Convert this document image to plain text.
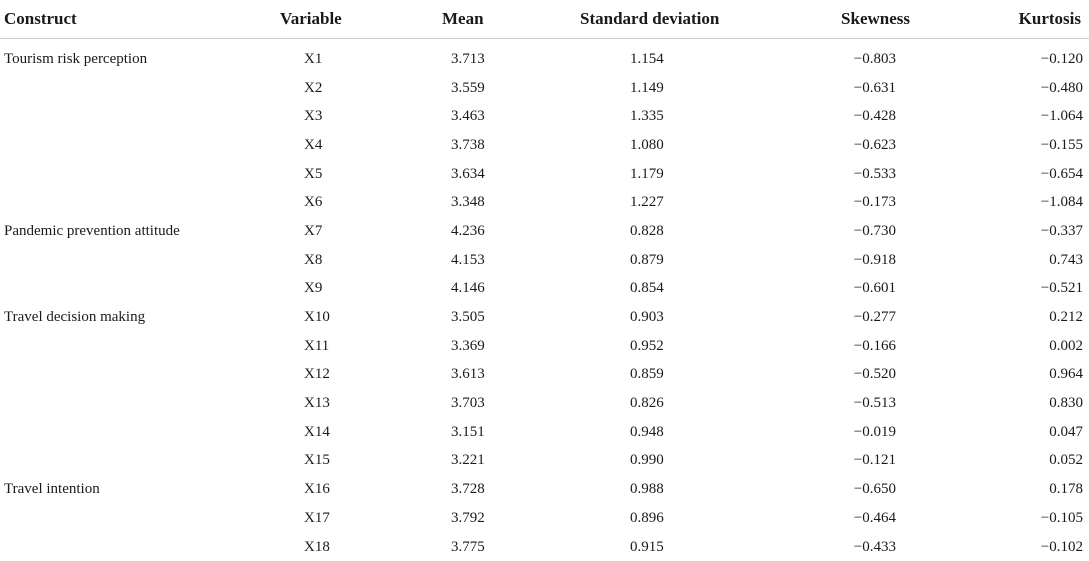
Construct	Variable	Mean	Standard deviation	Skewness	Kurtosis

Tourism risk perception	X1	3.713	1.154	−0.803	−0.120
	X2	3.559	1.149	−0.631	−0.480
	X3	3.463	1.335	−0.428	−1.064
	X4	3.738	1.080	−0.623	−0.155
	X5	3.634	1.179	−0.533	−0.654
	X6	3.348	1.227	−0.173	−1.084
Pandemic prevention attitude	X7	4.236	0.828	−0.730	−0.337
	X8	4.153	0.879	−0.918	0.743
	X9	4.146	0.854	−0.601	−0.521
Travel decision making	X10	3.505	0.903	−0.277	0.212
	X11	3.369	0.952	−0.166	0.002
	X12	3.613	0.859	−0.520	0.964
	X13	3.703	0.826	−0.513	0.830
	X14	3.151	0.948	−0.019	0.047
	X15	3.221	0.990	−0.121	0.052
Travel intention	X16	3.728	0.988	−0.650	0.178
	X17	3.792	0.896	−0.464	−0.105
	X18	3.775	0.915	−0.433	−0.102
